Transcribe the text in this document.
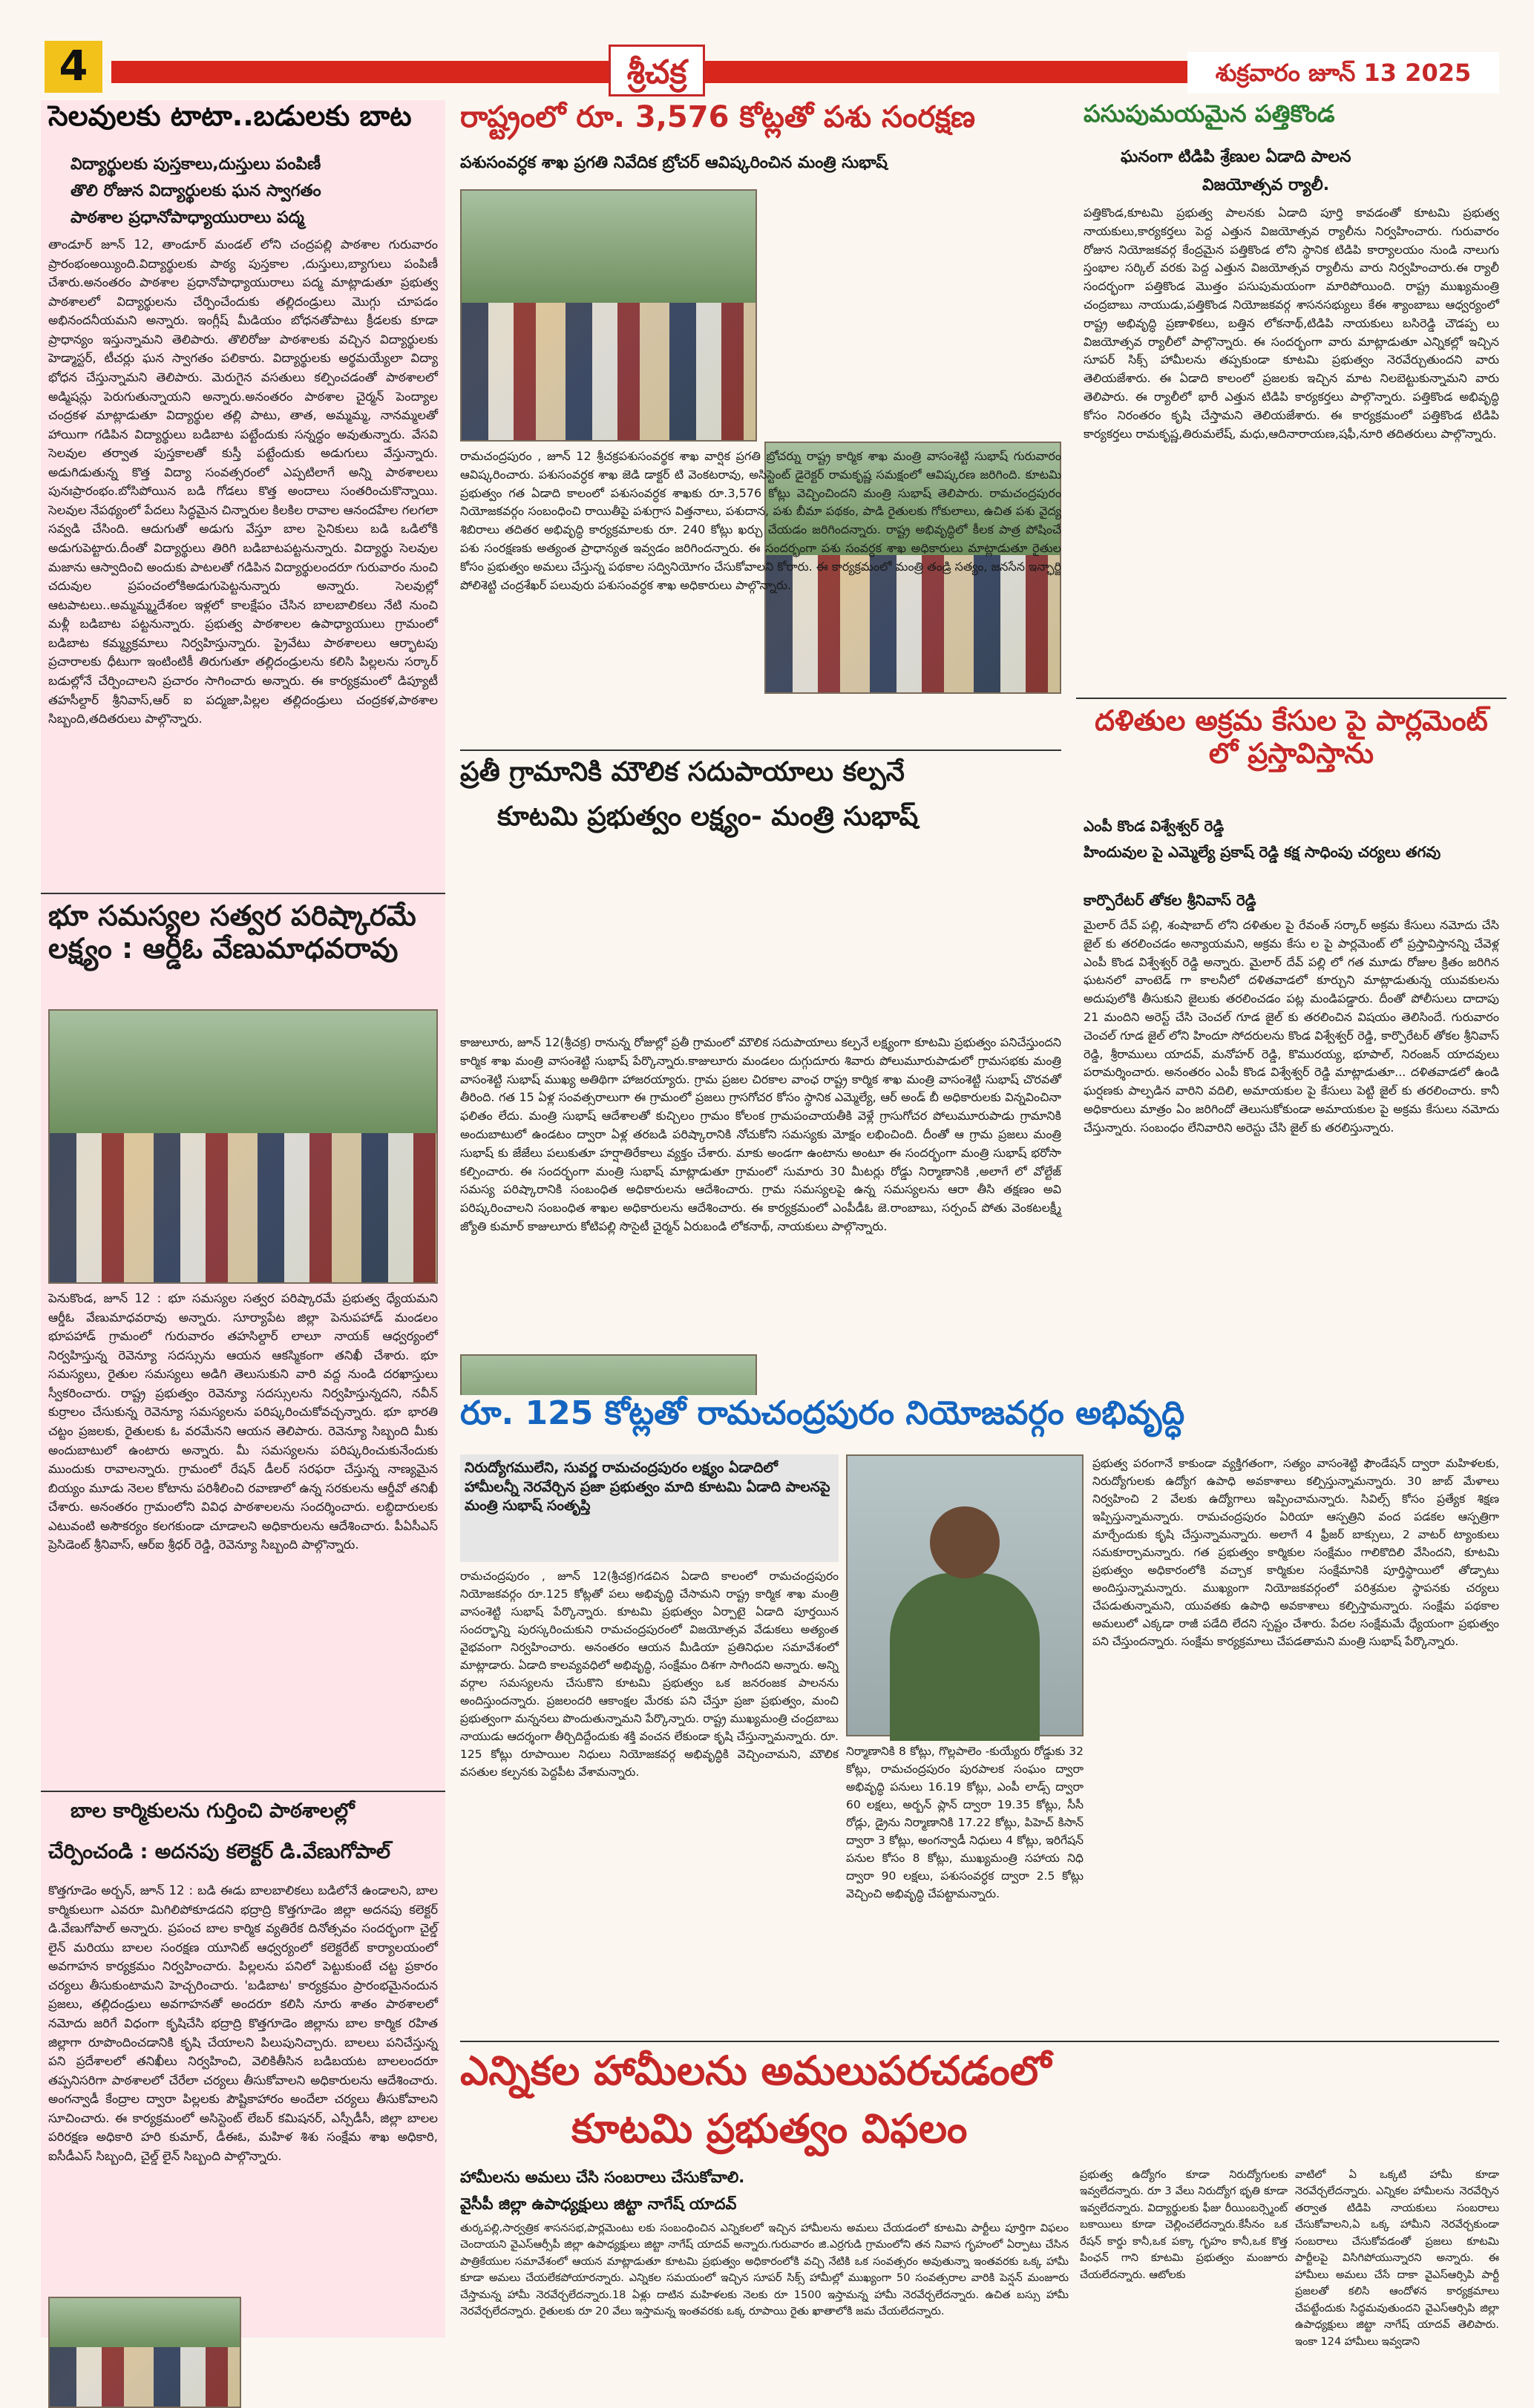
4	శ్రీచక్ర	శుక్రవారం జూన్ 13 2025
సెలవులకు టాటా..బడులకు బాట
విద్యార్థులకు పుస్తకాలు,దుస్తులు పంపిణీ
తొలి రోజున విద్యార్థులకు ఘన స్వాగతం
పాఠశాల ప్రధానోపాధ్యాయురాలు పద్మ
తాండూర్ జూన్ 12, తాండూర్ మండల్ లోని చంద్రపల్లి పాఠశాల గురువారం ప్రారంభంఅయ్యింది.విద్యార్థులకు పాఠ్య పుస్తకాల ,దుస్తులు,బ్యాగులు పంపిణీ చేశారు.అనంతరం పాఠశాల ప్రధానోపాధ్యాయురాలు పద్మ మాట్లాడుతూ ప్రభుత్వ పాఠశాలలో విద్యార్థులను చేర్పించేందుకు తల్లిదండ్రులు మొగ్గు చూపడం అభినందనీయమని అన్నారు. ఇంగ్లీష్ మీడియం బోధనతోపాటు క్రీడలకు కూడా ప్రాధాన్యం ఇస్తున్నామని తెలిపారు. తొలిరోజు పాఠశాలకు వచ్చిన విద్యార్థులకు హెడ్మాస్టర్, టీచర్లు ఘన స్వాగతం పలికారు. విద్యార్థులకు అర్థమయ్యేలా విద్యా భోధన చేస్తున్నామని తెలిపారు. మెరుగైన వసతులు కల్పించడంతో పాఠశాలలో అడ్మిషన్లు పెరుగుతున్నాయని అన్నారు.అనంతరం పాఠశాల చైర్మన్ పెంద్యాల చంద్రకళ మాట్లాడుతూ విద్యార్థుల తల్లి పాటు, తాత, అమ్మమ్మ, నానమ్మలతో హాయిగా గడిపిన విద్యార్థులు బడిబాట పట్టేందుకు సన్నద్ధం అవుతున్నారు. వేసవి సెలవుల తర్వాత పుస్తకాలతో కుస్తీ పట్టేందుకు అడుగులు వేస్తున్నారు. అడుగిడుతున్న కొత్త విద్యా సంవత్సరంలో ఎప్పటిలాగే అన్ని పాఠశాలలు పునఃప్రారంభం.బోసిపోయిన బడి గోడలు కొత్త అందాలు సంతరించుకొన్నాయి. సెలవుల నేపథ్యంలో పేదలు సిద్ధమైన చిన్నారుల కిలకిల రావాల ఆనందహేల గలగలా సవ్వడి చేసింది. ఆదుగుతో అడుగు వేస్తూ బాల సైనికులు బడి ఒడిలోకి అడుగుపెట్టారు.దీంతో విద్యార్థులు తిరిగి బడిబాటపట్టనున్నారు. విద్యార్థు సెలవుల మజాను ఆస్వాదించి అందుకు పాటలతో గడిపిన విద్యార్థులందరూ గురువారం నుంచి చదువుల ప్రపంచంలోకిఅడుగుపెట్టనున్నారు అన్నారు. సెలవుల్లో ఆటపాటలు..అమ్మమ్మ్మదేశంల ఇళ్లలో కాలక్షేపం చేసిన బాలబాలికలు నేటి నుంచి మళ్లీ బడిబాట పట్టనున్నారు. ప్రభుత్వ పాఠశాలల ఉపాధ్యాయులు గ్రామంలో బడిబాట కమ్మ్యక్రమాలు నిర్వహిస్తున్నారు. ప్రైవేటు పాఠశాలలు ఆర్భాటపు ప్రచారాలకు ధీటుగా ఇంటింటికీ తిరుగుతూ తల్లిదండ్రులను కలిసి పిల్లలను సర్కార్ బడుల్లోనే చేర్పించాలని ప్రచారం సాగించారు అన్నారు. ఈ కార్యక్రమంలో డిప్యూటీ తహసీల్దార్ శ్రీనివాస్,ఆర్ ఐ పద్మజా,పిల్లల తల్లిదండ్రులు చంద్రకళ,పాఠశాల సిబ్బంది,తదితరులు పాల్గొన్నారు.
భూ సమస్యల సత్వర పరిష్కారమే లక్ష్యం : ఆర్డీఓ వేణుమాధవరావు
పెనుకొండ, జూన్ 12 : భూ సమస్యల సత్వర పరిష్కారమే ప్రభుత్వ ధ్యేయమని ఆర్డీఓ వేణుమాధవరావు అన్నారు. సూర్యాపేట జిల్లా పెనుపహాడ్ మండలం భూపహాడ్ గ్రామంలో గురువారం తహసిల్దార్ లాలూ నాయక్ ఆధ్వర్యంలో నిర్వహిస్తున్న రెవెన్యూ సదస్సును ఆయన ఆకస్మికంగా తనిఖీ చేశారు. భూ సమస్యలు, రైతుల సమస్యలు అడిగి తెలుసుకుని వారి వద్ద నుండి దరఖాస్తులు స్వీకరించారు. రాష్ట్ర ప్రభుత్వం రెవెన్యూ సదస్సులను నిర్వహిస్తున్నదని, నవీన్ కుర్రాలం చేసుకున్న రెవెన్యూ సమస్యలను పరిష్కరించుకోవచ్చన్నారు. భూ భారతి చట్టం ప్రజలకు, రైతులకు ఓ వరమేనని ఆయన తెలిపారు. రెవెన్యూ సిబ్బంది మీకు అందుబాటులో ఉంటారు అన్నారు. మీ సమస్యలను పరిష్కరించుకునేందుకు ముందుకు రావాలన్నారు. గ్రామంలో రేషన్ డీలర్ సరఫరా చేస్తున్న నాణ్యమైన బియ్యం మూడు నెలల కోటాను పరిశీలించి రవాణాలో ఉన్న సరకులను ఆర్డీవో తనిఖీ చేశారు. అనంతరం గ్రామంలోని వివిధ పాఠశాలలను సందర్శించారు. లబ్ధిదారులకు ఎటువంటి అసౌకర్యం కలగకుండా చూడాలని అధికారులను ఆదేశించారు. పీఏసీఎస్ ప్రెసిడెంట్ శ్రీనివాస్, ఆర్ఐ శ్రీధర్ రెడ్డి, రెవెన్యూ సిబ్బంది పాల్గొన్నారు.
బాల కార్మికులను గుర్తించి పాఠశాలల్లో
చేర్పించండి : అదనపు కలెక్టర్ డి.వేణుగోపాల్
కొత్తగూడెం అర్బన్, జూన్ 12 : బడి ఈడు బాలబాలికలు బడిలోనే ఉండాలని, బాల కార్మికులుగా ఎవరూ మిగిలిపోకూడదని భద్రాద్రి కొత్తగూడెం జిల్లా అదనపు కలెక్టర్ డి.వేణుగోపాల్ అన్నారు. ప్రపంచ బాల కార్మిక వ్యతిరేక దినోత్సవం సందర్భంగా చైల్డ్ లైన్ మరియు బాలల సంరక్షణ యూనిట్ ఆధ్వర్యంలో కలెక్టరేట్ కార్యాలయంలో అవగాహన కార్యక్రమం నిర్వహించారు. పిల్లలను పనిలో పెట్టుకుంటే చట్ట ప్రకారం చర్యలు తీసుకుంటామని హెచ్చరించారు. 'బడిబాట' కార్యక్రమం ప్రారంభమైనందున ప్రజలు, తల్లిదండ్రులు అవగాహనతో అందరూ కలిసి నూరు శాతం పాఠశాలలో నమోదు జరిగే విధంగా కృషిచేసి భద్రాద్రి కొత్తగూడెం జిల్లాను బాల కార్మిక రహిత జిల్లాగా రూపొందించడానికి కృషి చేయాలని పిలుపునిచ్చారు. బాలలు పనిచేస్తున్న పని ప్రదేశాలలో తనిఖీలు నిర్వహించి, వెలికితీసిన బడిబయట బాలలందరూ తప్పనిసరిగా పాఠశాలలో చేరేలా చర్యలు తీసుకోవాలని అధికారులను ఆదేశించారు. అంగన్వాడీ కేంద్రాల ద్వారా పిల్లలకు పౌష్టికాహారం అందేలా చర్యలు తీసుకోవాలని సూచించారు. ఈ కార్యక్రమంలో అసిస్టెంట్ లేబర్ కమిషనర్, ఎస్పీడీసీ, జిల్లా బాలల పరిరక్షణ అధికారి హరి కుమార్, డీఈఓ, మహిళ శిశు సంక్షేమ శాఖ అధికారి, ఐసీడీఎస్ సిబ్బంది, చైల్డ్ లైన్ సిబ్బంది పాల్గొన్నారు.
రాష్ట్రంలో రూ. 3,576 కోట్లతో పశు సంరక్షణ
పశుసంవర్ధక శాఖ ప్రగతి నివేదిక బ్రోచర్ ఆవిష్కరించిన మంత్రి సుభాష్
రామచంద్రపురం , జూన్ 12 శ్రీచక్రపశుసంవర్థక శాఖ వార్షిక ప్రగతి బ్రోచర్ను రాష్ట్ర కార్మిక శాఖ మంత్రి వాసంశెట్టి సుభాష్ గురువారం ఆవిష్కరించారు. పశుసంవర్ధక శాఖ జెడి డాక్టర్ టి వెంకటరావు, అసిస్టెంట్ డైరెక్టర్ రామకృష్ణ సమక్షంలో ఆవిష్కరణ జరిగింది. కూటమి ప్రభుత్వం గత ఏడాది కాలంలో పశుసంవర్ధక శాఖకు రూ.3,576 కోట్లు వెచ్చించిందని మంత్రి సుభాష్ తెలిపారు. రామచంద్రపురం నియోజకవర్గం సంబంధించి రాయితీపై పశుగ్రాస విత్తనాలు, పశుదాన, పశు బీమా పథకం, పాడి రైతులకు గోకులాలు, ఉచిత పశు వైద్య శిబిరాలు తదితర అభివృద్ధి కార్యక్రమాలకు రూ. 240 కోట్లు ఖర్చు చేయడం జరిగిందన్నారు. రాష్ట్ర అభివృద్ధిలో కీలక పాత్ర పోషించే పశు సంరక్షణకు అత్యంత ప్రాధాన్యత ఇవ్వడం జరిగిందన్నారు. ఈ సందర్భంగా పశు సంవర్ధక శాఖ అధికారులు మాట్లాడుతూ రైతుల కోసం ప్రభుత్వం అమలు చేస్తున్న పథకాల సద్వినియోగం చేసుకోవాలని కోరారు. ఈ కార్యక్రమంలో మంత్రి తండ్రి సత్యం, జనసేన ఇన్ఛార్జి పోలిశెట్టి చంద్రశేఖర్ పలువురు పశుసంవర్ధక శాఖ అధికారులు పాల్గొన్నారు.
ప్రతీ గ్రామానికి మౌలిక సదుపాయాలు కల్పనే
కూటమి ప్రభుత్వం లక్ష్యం- మంత్రి సుభాష్
కాజులూరు, జూన్ 12(శ్రీచక్ర) రానున్న రోజుల్లో ప్రతీ గ్రామంలో మౌలిక సదుపాయాలు కల్పనే లక్ష్యంగా కూటమి ప్రభుత్వం పనిచేస్తుందని కార్మిక శాఖ మంత్రి వాసంశెట్టి సుభాష్ పేర్కొన్నారు.కాజులూరు మండలం దుగ్గుదూరు శివారు పోలుమూరుపాడులో గ్రామసభకు మంత్రి వాసంశెట్టి సుభాష్ ముఖ్య అతిథిగా హాజరయ్యారు. గ్రామ ప్రజల చిరకాల వాంఛ రాష్ట్ర కార్మిక శాఖ మంత్రి వాసంశెట్టి సుభాష్ చొరవతో తీరింది. గత 15 ఏళ్ల సంవత్సరాలుగా ఈ గ్రామంలో ప్రజలు గ్రాసగోచర కోసం స్థానిక ఎమ్మెల్యే, ఆర్ అండ్ బీ అధికారులకు విన్నవించినా ఫలితం లేదు. మంత్రి సుభాష్ ఆదేశాలతో కుచ్చిలం గ్రామం కోలంక గ్రామపంచాయతీకి వెళ్లే గ్రాసుగోచర పోలుమూరుపాడు గ్రామానికి అందుబాటులో ఉండటం ద్వారా ఏళ్ల తరబడి పరిష్కారానికి నోచుకోని సమస్యకు మోక్షం లభించింది. దీంతో ఆ గ్రామ ప్రజలు మంత్రి సుభాష్ కు జేజేలు పలుకుతూ హర్షాతిరేకాలు వ్యక్తం చేశారు. మాకు అండగా ఉంటాను అంటూ ఈ సందర్భంగా మంత్రి సుభాష్ భరోసా కల్పించారు. ఈ సందర్భంగా మంత్రి సుభాష్ మాట్లాడుతూ గ్రామంలో సుమారు 30 మీటర్లు రోడ్డు నిర్మాణానికి ,అలాగే లో వోల్టేజ్ సమస్య పరిష్కారానికి సంబంధిత అధికారులను ఆదేశించారు. గ్రామ సమస్యలపై ఉన్న సమస్యలను ఆరా తీసి తక్షణం అవి పరిష్కరించాలని సంబంధిత శాఖల అధికారులను ఆదేశించారు. ఈ కార్యక్రమంలో ఎంపీడీఓ జె.రాంబాబు, సర్పంచ్ పోతు వెంకటలక్ష్మీ జ్యోతి కుమార్ కాజులూరు కోటిపల్లి సొసైటీ చైర్మన్ ఏరుబండి లోకనాథ్, నాయకులు పాల్గొన్నారు.
పసుపుమయమైన పత్తికొండ
ఘనంగా టిడిపి శ్రేణుల ఏడాది పాలన
విజయోత్సవ ర్యాలీ.
పత్తికొండ,కూటమి ప్రభుత్వ పాలనకు ఏడాది పూర్తి కావడంతో కూటమి ప్రభుత్వ నాయకులు,కార్యకర్తలు పెద్ద ఎత్తున విజయోత్సవ ర్యాలీను నిర్వహించారు. గురువారం రోజున నియోజకవర్గ కేంద్రమైన పత్తికొండ లోని స్థానిక టిడిపి కార్యాలయం నుండి నాలుగు స్తంభాల సర్కిల్ వరకు పెద్ద ఎత్తున విజయోత్సవ ర్యాలీను వారు నిర్వహించారు.ఈ ర్యాలీ సందర్భంగా పత్తికొండ మొత్తం పసుపుమయంగా మారిపోయింది. రాష్ట్ర ముఖ్యమంత్రి చంద్రబాబు నాయుడు,పత్తికొండ నియోజకవర్గ శాసనసభ్యులు కేఈ శ్యాంబాబు ఆధ్వర్యంలో రాష్ట్ర అభివృద్ధి ప్రణాళికలు, బత్తిన లోకనాథ్,టిడిపి నాయకులు బసిరెడ్డి చౌడప్ప లు విజయోత్సవ ర్యాలీలో పాల్గొన్నారు. ఈ సందర్భంగా వారు మాట్లాడుతూ ఎన్నికల్లో ఇచ్చిన సూపర్ సిక్స్ హామీలను తప్పకుండా కూటమి ప్రభుత్వం నెరవేర్చుతుందని వారు తెలియజేశారు. ఈ ఏడాది కాలంలో ప్రజలకు ఇచ్చిన మాట నిలబెట్టుకున్నామని వారు తెలిపారు. ఈ ర్యాలీలో భారీ ఎత్తున టిడిపి కార్యకర్తలు పాల్గొన్నారు. పత్తికొండ అభివృద్ధి కోసం నిరంతరం కృషి చేస్తామని తెలియజేశారు. ఈ కార్యక్రమంలో పత్తికొండ టిడిపి కార్యకర్తలు రామకృష్ణ,తిరుమలేష్, మధు,ఆదినారాయణ,షఫీ,నూరి తదితరులు పాల్గొన్నారు.
దళితుల అక్రమ కేసుల పై పార్లమెంట్ లో ప్రస్తావిస్తాను
ఎంపీ కొండ విశ్వేశ్వర్ రెడ్డి
హిందువుల పై ఎమ్మెల్యే ప్రకాష్ రెడ్డి కక్ష సాధింపు చర్యలు తగవు
కార్పొరేటర్ తోకల శ్రీనివాస్ రెడ్డి
మైలార్ దేవ్ పల్లి, శంషాబాద్ లోని దళితుల పై రేవంత్ సర్కార్ అక్రమ కేసులు నమోదు చేసి జైల్ కు తరలించడం అన్యాయమని, అక్రమ కేసు ల పై పార్లమెంట్ లో ప్రస్తావిస్తానన్ని చేవెళ్ల ఎంపీ కొండ విశ్వేశ్వర్ రెడ్డి అన్నారు. మైలార్ దేవ్ పల్లి లో గత మూడు రోజుల క్రితం జరిగిన ఘటనలో వాంటెడ్ గా కాలనీలో దళితవాడలో కూర్చుని మాట్లాడుతున్న యువకులను అదుపులోకి తీసుకుని జైలుకు తరలించడం పట్ల మండిపడ్డారు. దీంతో పోలీసులు దాదాపు 21 మందిని అరెస్ట్ చేసి చెంచల్ గూడ జైల్ కు తరలించిన విషయం తెలిసిందే. గురువారం చెంచల్ గూడ జైల్ లోని హిందూ సోదరులను కొండ విశ్వేశ్వర్ రెడ్డి, కార్పొరేటర్ తోకల శ్రీనివాస్ రెడ్డి, శ్రీరాములు యాదవ్, మనోహర్ రెడ్డి, కొమురయ్య, భూపాల్, నిరంజన్ యాదవులు పరామర్శించారు. అనంతరం ఎంపీ కొండ విశ్వేశ్వర్ రెడ్డి మాట్లాడుతూ... దళితవాడలో ఉండి ఘర్షణకు పాల్పడిన వారిని వదిలి, అమాయకుల పై కేసులు పెట్టి జైల్ కు తరలించారు. కానీ అధికారులు మాత్రం ఏం జరిగిందో తెలుసుకోకుండా అమాయకుల పై అక్రమ కేసులు నమోదు చేస్తున్నారు. సంబంధం లేనివారిని అరెస్టు చేసి జైల్ కు తరలిస్తున్నారు.
రూ. 125 కోట్లతో రామచంద్రపురం నియోజవర్గం అభివృద్ధి
నిరుద్యోగములేని, సువర్ణ రామచంద్రపురం లక్ష్యం ఏడాదిలో హామీలన్నీ నెరవేర్చిన ప్రజా ప్రభుత్వం మాది కూటమి ఏడాది పాలనపై మంత్రి సుభాష్ సంతృప్తి
రామచంద్రపురం , జూన్ 12(శ్రీచక్ర)గడచిన ఏడాది కాలంలో రామచంద్రపురం నియోజకవర్గం రూ.125 కోట్లతో పలు అభివృద్ధి చేసామని రాష్ట్ర కార్మిక శాఖ మంత్రి వాసంశెట్టి సుభాష్ పేర్కొన్నారు. కూటమి ప్రభుత్వం ఏర్పాటై ఏడాది పూర్తయిన సందర్భాన్ని పురస్కరించుకుని రామచంద్రపురంలో విజయోత్సవ వేడుకలు అత్యంత వైభవంగా నిర్వహించారు. అనంతరం ఆయన మీడియా ప్రతినిధుల సమావేశంలో మాట్లాడారు. ఏడాది కాలవ్యవధిలో అభివృద్ధి, సంక్షేమం దిశగా సాగిందని అన్నారు. అన్ని వర్గాల సమస్యలను చేసుకొని కూటమి ప్రభుత్వం ఒక జనరంజక పాలనను అందిస్తుందన్నారు. ప్రజలందరి ఆకాంక్షల మేరకు పని చేస్తూ ప్రజా ప్రభుత్వం, మంచి ప్రభుత్వంగా మన్ననలు పొందుతున్నామని పేర్కొన్నారు. రాష్ట్ర ముఖ్యమంత్రి చంద్రబాబు నాయుడు ఆదర్శంగా తీర్చిదిద్దేందుకు శక్తి వంచన లేకుండా కృషి చేస్తున్నామన్నారు. రూ. 125 కోట్లు రూపాయిల నిధులు నియోజకవర్గ అభివృద్ధికి వెచ్చించామని, మౌలిక వసతుల కల్పనకు పెద్దపీట వేశామన్నారు.
నిర్మాణానికి 8 కోట్లు, గొల్లపాలెం -కుయ్యేరు రోడ్డుకు 32 కోట్లు, రామచంద్రపురం పురపాలక సంఘం ద్వారా అభివృద్ధి పనులు 16.19 కోట్లు, ఎంపీ లాడ్స్ ద్వారా 60 లక్షలు, అర్బన్ ప్లాన్ ద్వారా 19.35 కోట్లు, సీసీ రోడ్లు, డ్రైను నిర్మాణానికి 17.22 కోట్లు, పిహెచ్ కిసాన్ ద్వారా 3 కోట్లు, అంగన్వాడీ నిధులు 4 కోట్లు, ఇరిగేషన్ పనుల కోసం 8 కోట్లు, ముఖ్యమంత్రి సహాయ నిధి ద్వారా 90 లక్షలు, పశుసంవర్ధక ద్వారా 2.5 కోట్లు వెచ్చించి అభివృద్ధి చేపట్టామన్నారు.
ప్రభుత్వ పరంగానే కాకుండా వ్యక్తిగతంగా, సత్యం వాసంశెట్టి ఫౌండేషన్ ద్వారా మహిళలకు, నిరుద్యోగులకు ఉద్యోగ ఉపాధి అవకాశాలు కల్పిస్తున్నామన్నారు. 30 జాబ్ మేళాలు నిర్వహించి 2 వేలకు ఉద్యోగాలు ఇప్పించామన్నారు. సివిల్స్ కోసం ప్రత్యేక శిక్షణ ఇప్పిస్తున్నామన్నారు. రామచంద్రపురం ఏరియా ఆస్పత్రిని వంద పడకల ఆస్పత్రిగా మార్చేందుకు కృషి చేస్తున్నామన్నారు. అలాగే 4 ఫ్రీజర్ బాక్సులు, 2 వాటర్ ట్యాంకులు సమకూర్చామన్నారు. గత ప్రభుత్వం కార్మికుల సంక్షేమం గాలికొదిలి వేసిందని, కూటమి ప్రభుత్వం అధికారంలోకి వచ్చాక కార్మికుల సంక్షేమానికి పూర్తిస్థాయిలో తోడ్పాటు అందిస్తున్నామన్నారు. ముఖ్యంగా నియోజకవర్గంలో పరిశ్రమల స్థాపనకు చర్యలు చేపడుతున్నామని, యువతకు ఉపాధి అవకాశాలు కల్పిస్తామన్నారు. సంక్షేమ పథకాల అమలులో ఎక్కడా రాజీ పడేది లేదని స్పష్టం చేశారు. పేదల సంక్షేమమే ధ్యేయంగా ప్రభుత్వం పని చేస్తుందన్నారు. సంక్షేమ కార్యక్రమాలు చేపడతామని మంత్రి సుభాష్ పేర్కొన్నారు.
ఎన్నికల హామీలను అమలుపరచడంలో
కూటమి ప్రభుత్వం విఫలం
హామీలను అమలు చేసి సంబరాలు చేసుకోవాలి.
వైసీపీ జిల్లా ఉపాధ్యక్షులు జిట్టా నాగేష్ యాదవ్
తుర్కపల్లి,సార్వత్రిక శాసనసభ,పార్లమెంటు లకు సంబంధించిన ఎన్నికలలో ఇచ్చిన హామీలను అమలు చేయడంలో కూటమి పార్టీలు పూర్తిగా విఫలం చెందాయని వైఎస్ఆర్సీపీ జిల్లా ఉపాధ్యక్షులు జిట్టా నాగేష్ యాదవ్ అన్నారు.గురువారం జి.ఎర్రగుడి గ్రామంలోని తన నివాస గృహంలో ఏర్పాటు చేసిన పాత్రికేయుల సమావేశంలో ఆయన మాట్లాడుతూ కూటమి ప్రభుత్వం అధికారంలోకి వచ్చి నేటికి ఒక సంవత్సరం అవుతున్నా ఇంతవరకు ఒక్క హామీ కూడా అమలు చేయలేకపోయారన్నారు. ఎన్నికల సమయంలో ఇచ్చిన సూపర్ సిక్స్ హామీల్లో ముఖ్యంగా 50 సంవత్సరాల వారికి పెన్షన్ మంజూరు చేస్తామన్న హామీ నెరవేర్చలేదన్నారు.18 ఏళ్లు దాటిన మహిళలకు నెలకు రూ 1500 ఇస్తామన్న హామీ నెరవేర్చలేదన్నారు. ఉచిత బస్సు హామీ నెరవేర్చలేదన్నారు. రైతులకు రూ 20 వేలు ఇస్తామన్న ఇంతవరకు ఒక్క రూపాయి రైతు ఖాతాలోకి జమ చేయలేదన్నారు.
ప్రభుత్వ ఉద్యోగం కూడా నిరుద్యోగులకు ఇవ్వలేదన్నారు. రూ 3 వేలు నిరుద్యోగ భృతి కూడా ఇవ్వలేదన్నారు. విద్యార్థులకు ఫీజు రీయింబర్స్మెంట్ బకాయిలు కూడా చెల్లించలేదన్నారు.కేసీనం ఒక రేషన్ కార్డు కానీ,ఒక పక్కా గృహం కానీ,ఒక కొత్త పింఛన్ గాని కూటమి ప్రభుత్వం మంజూరు చేయలేదన్నారు. ఆటోలకు
వాటిలో ఏ ఒక్కటి హామీ కూడా నెరవేర్చలేదన్నారు. ఎన్నికల హామీలను నెరవేర్చిన తర్వాత టిడిపి నాయకులు సంబరాలు చేసుకోవాలని,ఏ ఒక్క హామీని నెరవేర్చకుండా సంబరాలు చేసుకోవడంతో ప్రజలు కూటమి పార్టీలపై విసిగిపోయున్నారని అన్నారు. ఈ హామీలు అమలు చేసే దాకా వైఎస్ఆర్సిపి పార్టీ ప్రజలతో కలిసి ఆందోళన కార్యక్రమాలు చేపట్టేందుకు సిద్ధమవుతుందని వైఎస్ఆర్సిపి జిల్లా ఉపాధ్యక్షులు జిట్టా నాగేష్ యాదవ్ తెలిపారు. ఇంకా 124 హామీలు ఇవ్వడాని
